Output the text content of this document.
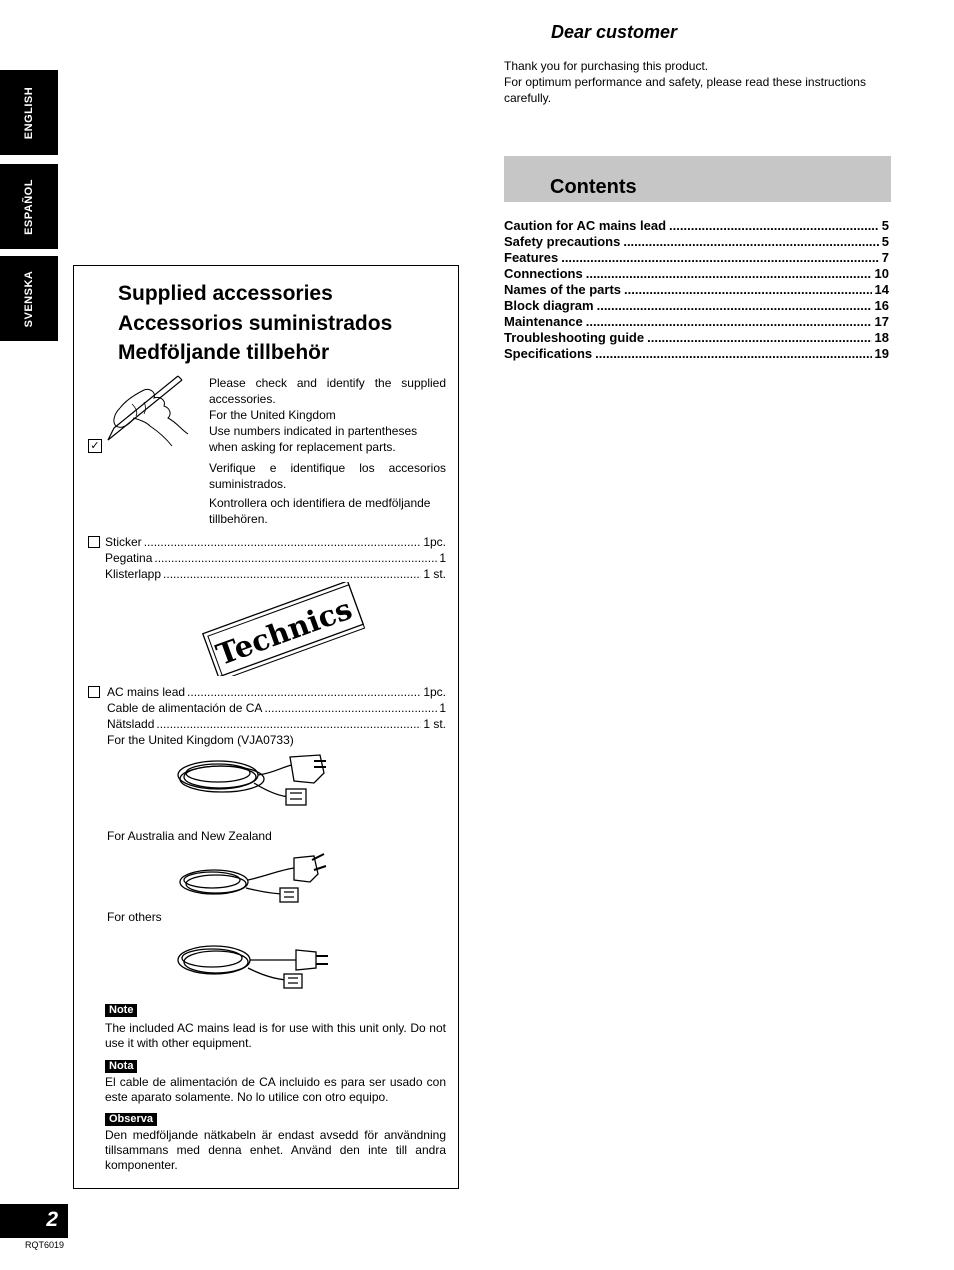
ENGLISH
ESPAÑOL
SVENSKA
Dear customer
Thank you for purchasing this product.
For optimum performance and safety, please read these instructions carefully.
Contents
Caution for AC mains lead .....	5
Safety precautions .....	5
Features .....	7
Connections .....	10
Names of the parts .....	14
Block diagram .....	16
Maintenance .....	17
Troubleshooting guide .....	18
Specifications .....	19
Supplied accessories
Accessorios suministrados
Medföljande tillbehör
✓
Please check and identify the supplied accessories.
For the United Kingdom
Use numbers indicated in partentheses when asking for replacement parts.
Verifique e identifique los accesorios suministrados.
Kontrollera och identifiera de medföljande tillbehören.
Sticker .....	1pc.
Pegatina .....	1
Klisterlapp .....	1 st.
Technics
AC mains lead .....	1pc.
Cable de alimentación de CA .....	1
Nätsladd .....	1 st.
For the United Kingdom (VJA0733)
For Australia and New Zealand
For others
Note
The included AC mains lead is for use with this unit only. Do not use it with other equipment.
Nota
El cable de alimentación de CA incluido es para ser usado con este aparato solamente. No lo utilice con otro equipo.
Observa
Den medföljande nätkabeln är endast avsedd för användning tillsammans med denna enhet. Använd den inte till andra komponenter.
2
RQT6019
